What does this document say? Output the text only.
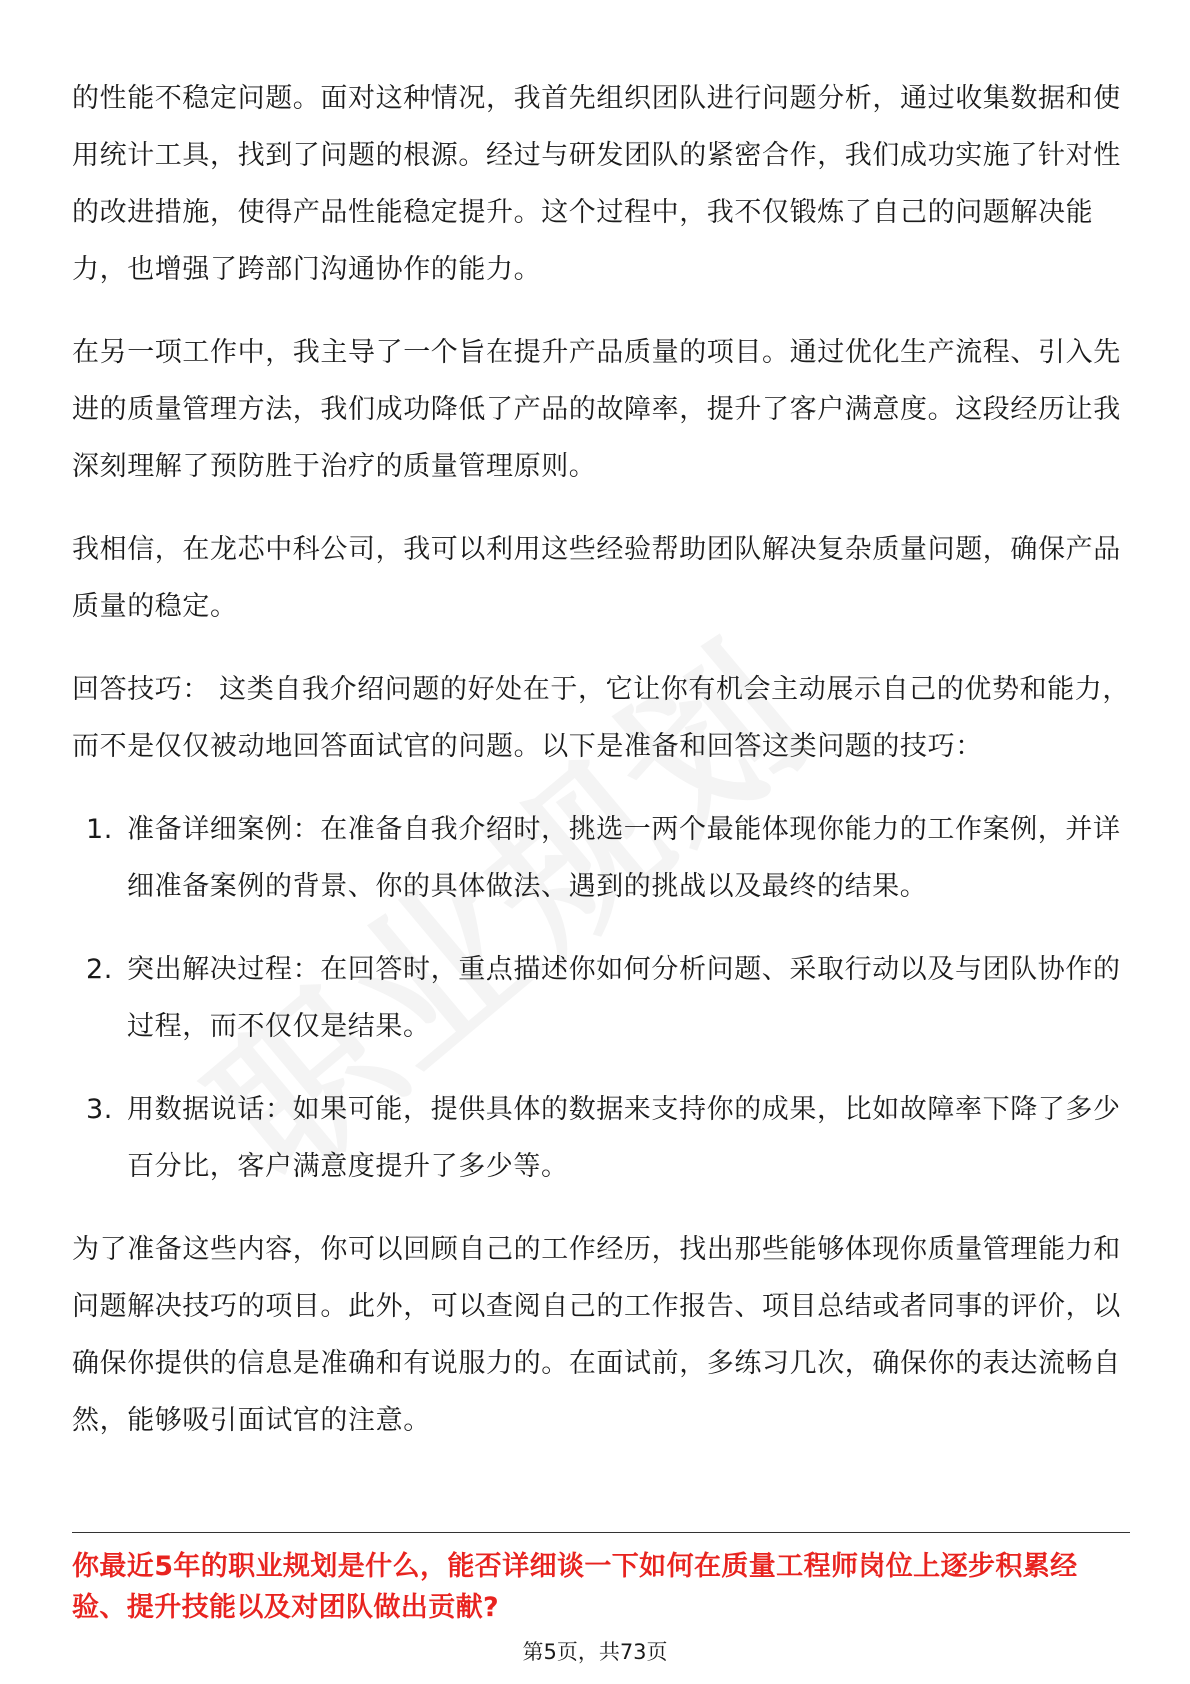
的性能不稳定问题。面对这种情况，我首先组织团队进行问题分析，通过收集数据和使用统计工具，找到了问题的根源。经过与研发团队的紧密合作，我们成功实施了针对性的改进措施，使得产品性能稳定提升。这个过程中，我不仅锻炼了自己的问题解决能力，也增强了跨部门沟通协作的能力。

在另一项工作中，我主导了一个旨在提升产品质量的项目。通过优化生产流程、引入先进的质量管理方法，我们成功降低了产品的故障率，提升了客户满意度。这段经历让我深刻理解了预防胜于治疗的质量管理原则。

我相信，在龙芯中科公司，我可以利用这些经验帮助团队解决复杂质量问题，确保产品质量的稳定。

回答技巧： 这类自我介绍问题的好处在于，它让你有机会主动展示自己的优势和能力，而不是仅仅被动地回答面试官的问题。以下是准备和回答这类问题的技巧：

1. 准备详细案例：在准备自我介绍时，挑选一两个最能体现你能力的工作案例，并详细准备案例的背景、你的具体做法、遇到的挑战以及最终的结果。
2. 突出解决过程：在回答时，重点描述你如何分析问题、采取行动以及与团队协作的过程，而不仅仅是结果。
3. 用数据说话：如果可能，提供具体的数据来支持你的成果，比如故障率下降了多少百分比，客户满意度提升了多少等。

为了准备这些内容，你可以回顾自己的工作经历，找出那些能够体现你质量管理能力和问题解决技巧的项目。此外，可以查阅自己的工作报告、项目总结或者同事的评价，以确保你提供的信息是准确和有说服力的。在面试前，多练习几次，确保你的表达流畅自然，能够吸引面试官的注意。

你最近5年的职业规划是什么，能否详细谈一下如何在质量工程师岗位上逐步积累经验、提升技能以及对团队做出贡献?

第5页，共73页
